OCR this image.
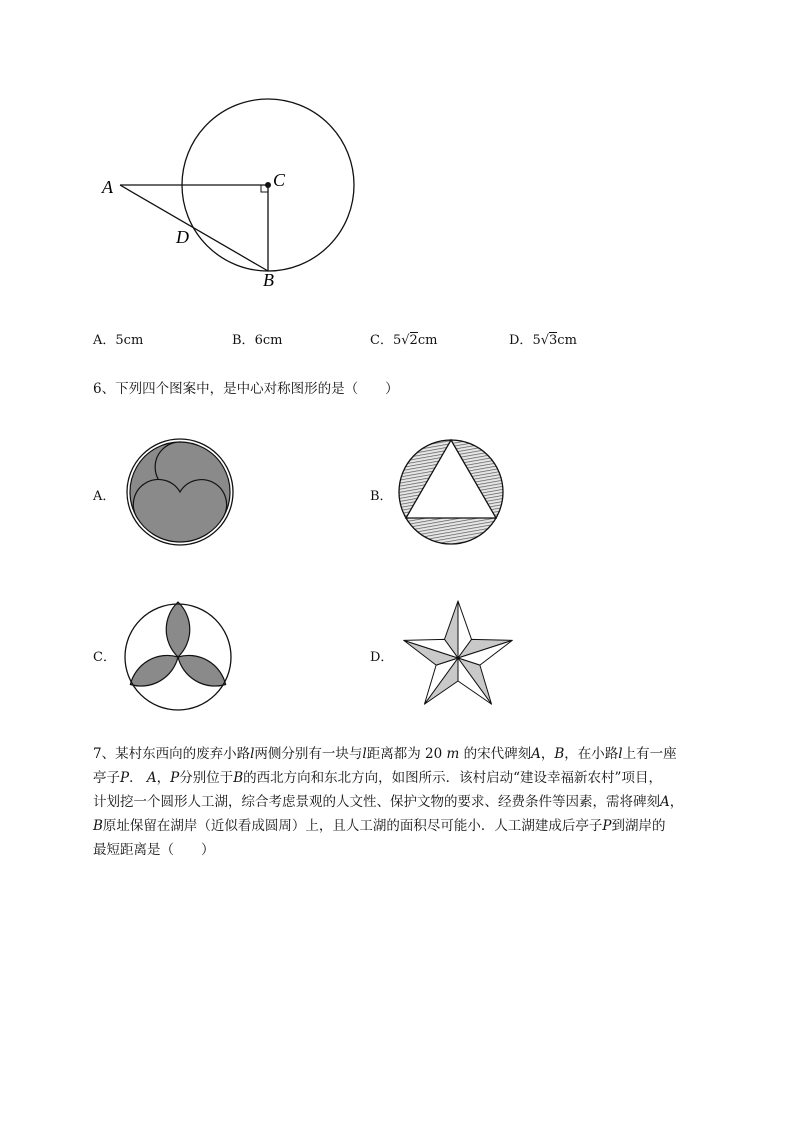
A	C
D
B
A．5cm	B．6cm	C．5√2cm	D．5√3cm

6、下列四个图案中，是中心对称图形的是（　　）

A．	B．
C．	D．

7、某村东西向的废弃小路l两侧分别有一块与l距离都为 20 m 的宋代碑刻A，B，在小路l上有一座

亭子P． A，P分别位于B的西北方向和东北方向，如图所示．该村启动“建设幸福新农村”项目，

计划挖一个圆形人工湖，综合考虑景观的人文性、保护文物的要求、经费条件等因素，需将碑刻A，

B原址保留在湖岸（近似看成圆周）上，且人工湖的面积尽可能小．人工湖建成后亭子P到湖岸的

最短距离是（　　）
